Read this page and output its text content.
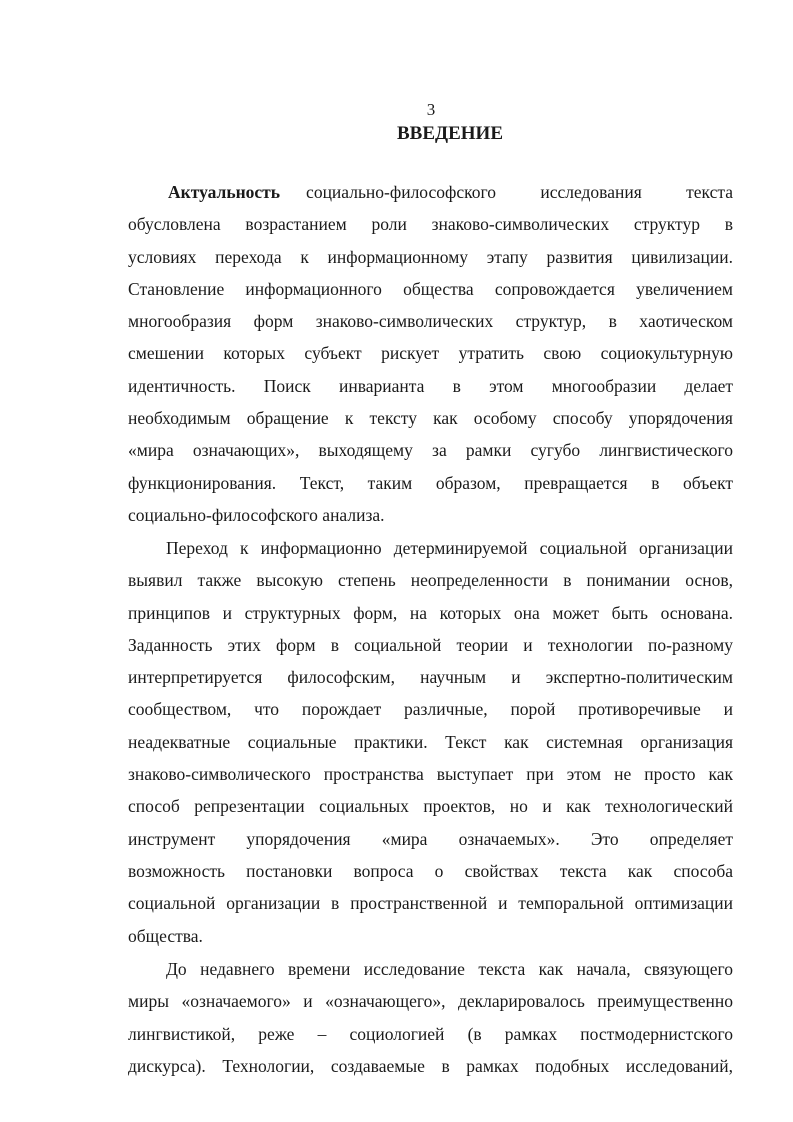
3
ВВЕДЕНИЕ
Актуальность социально-философского исследования текста
обусловлена возрастанием роли знаково-символических структур в
условиях перехода к информационному этапу развития цивилизации.
Становление информационного общества сопровождается увеличением
многообразия форм знаково-символических структур, в хаотическом
смешении которых субъект рискует утратить свою социокультурную
идентичность. Поиск инварианта в этом многообразии делает
необходимым обращение к тексту как особому способу упорядочения
«мира означающих», выходящему за рамки сугубо лингвистического
функционирования. Текст, таким образом, превращается в объект
социально-философского анализа.
Переход к информационно детерминируемой социальной организации
выявил также высокую степень неопределенности в понимании основ,
принципов и структурных форм, на которых она может быть основана.
Заданность этих форм в социальной теории и технологии по-разному
интерпретируется философским, научным и экспертно-политическим
сообществом, что порождает различные, порой противоречивые и
неадекватные социальные практики. Текст как системная организация
знаково-символического пространства выступает при этом не просто как
способ репрезентации социальных проектов, но и как технологический
инструмент упорядочения «мира означаемых». Это определяет
возможность постановки вопроса о свойствах текста как способа
социальной организации в пространственной и темпоральной оптимизации
общества.
До недавнего времени исследование текста как начала, связующего
миры «означаемого» и «означающего», декларировалось преимущественно
лингвистикой, реже – социологией (в рамках постмодернистского
дискурса). Технологии, создаваемые в рамках подобных исследований,
